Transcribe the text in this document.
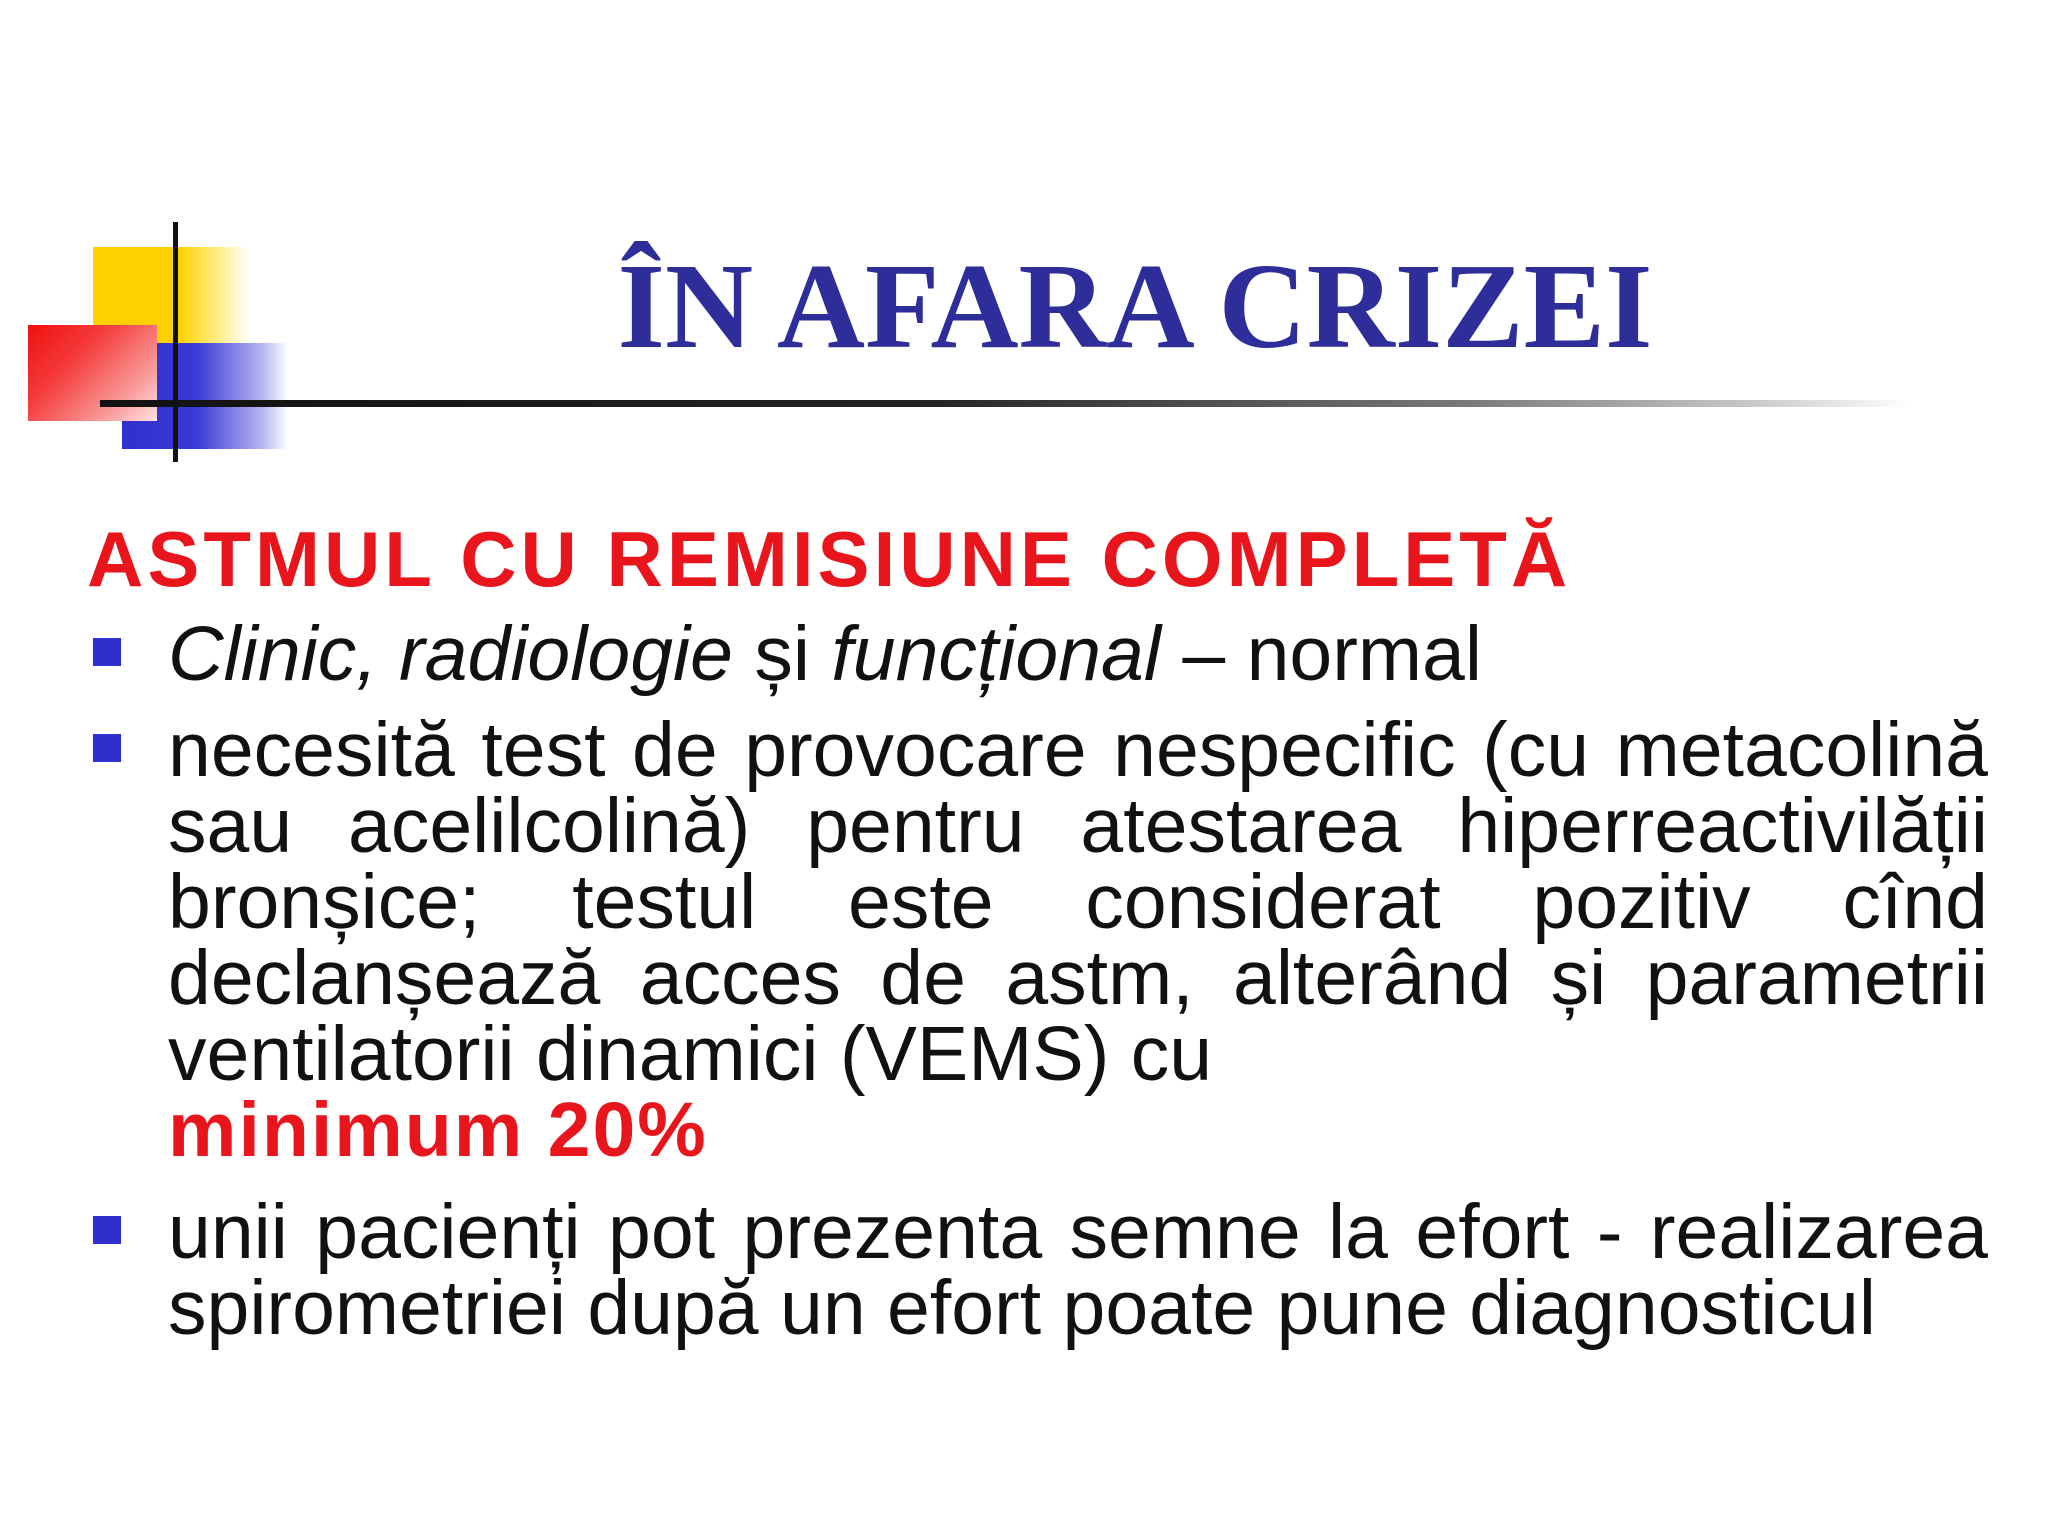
ÎN AFARA CRIZEI

ASTMUL CU REMISIUNE COMPLETĂ

Clinic, radiologie și funcțional – normal

necesită test de provocare nespecific (cu metacolină sau acelilcolină) pentru atestarea hiperreactivilății bronșice; testul este considerat pozitiv cînd declanșează acces de astm, alterând și parametrii ventilatorii dinamici (VEMS) cu
minimum 20%

unii pacienți pot prezenta semne la efort - realizarea spirometriei după un efort poate pune diagnosticul
